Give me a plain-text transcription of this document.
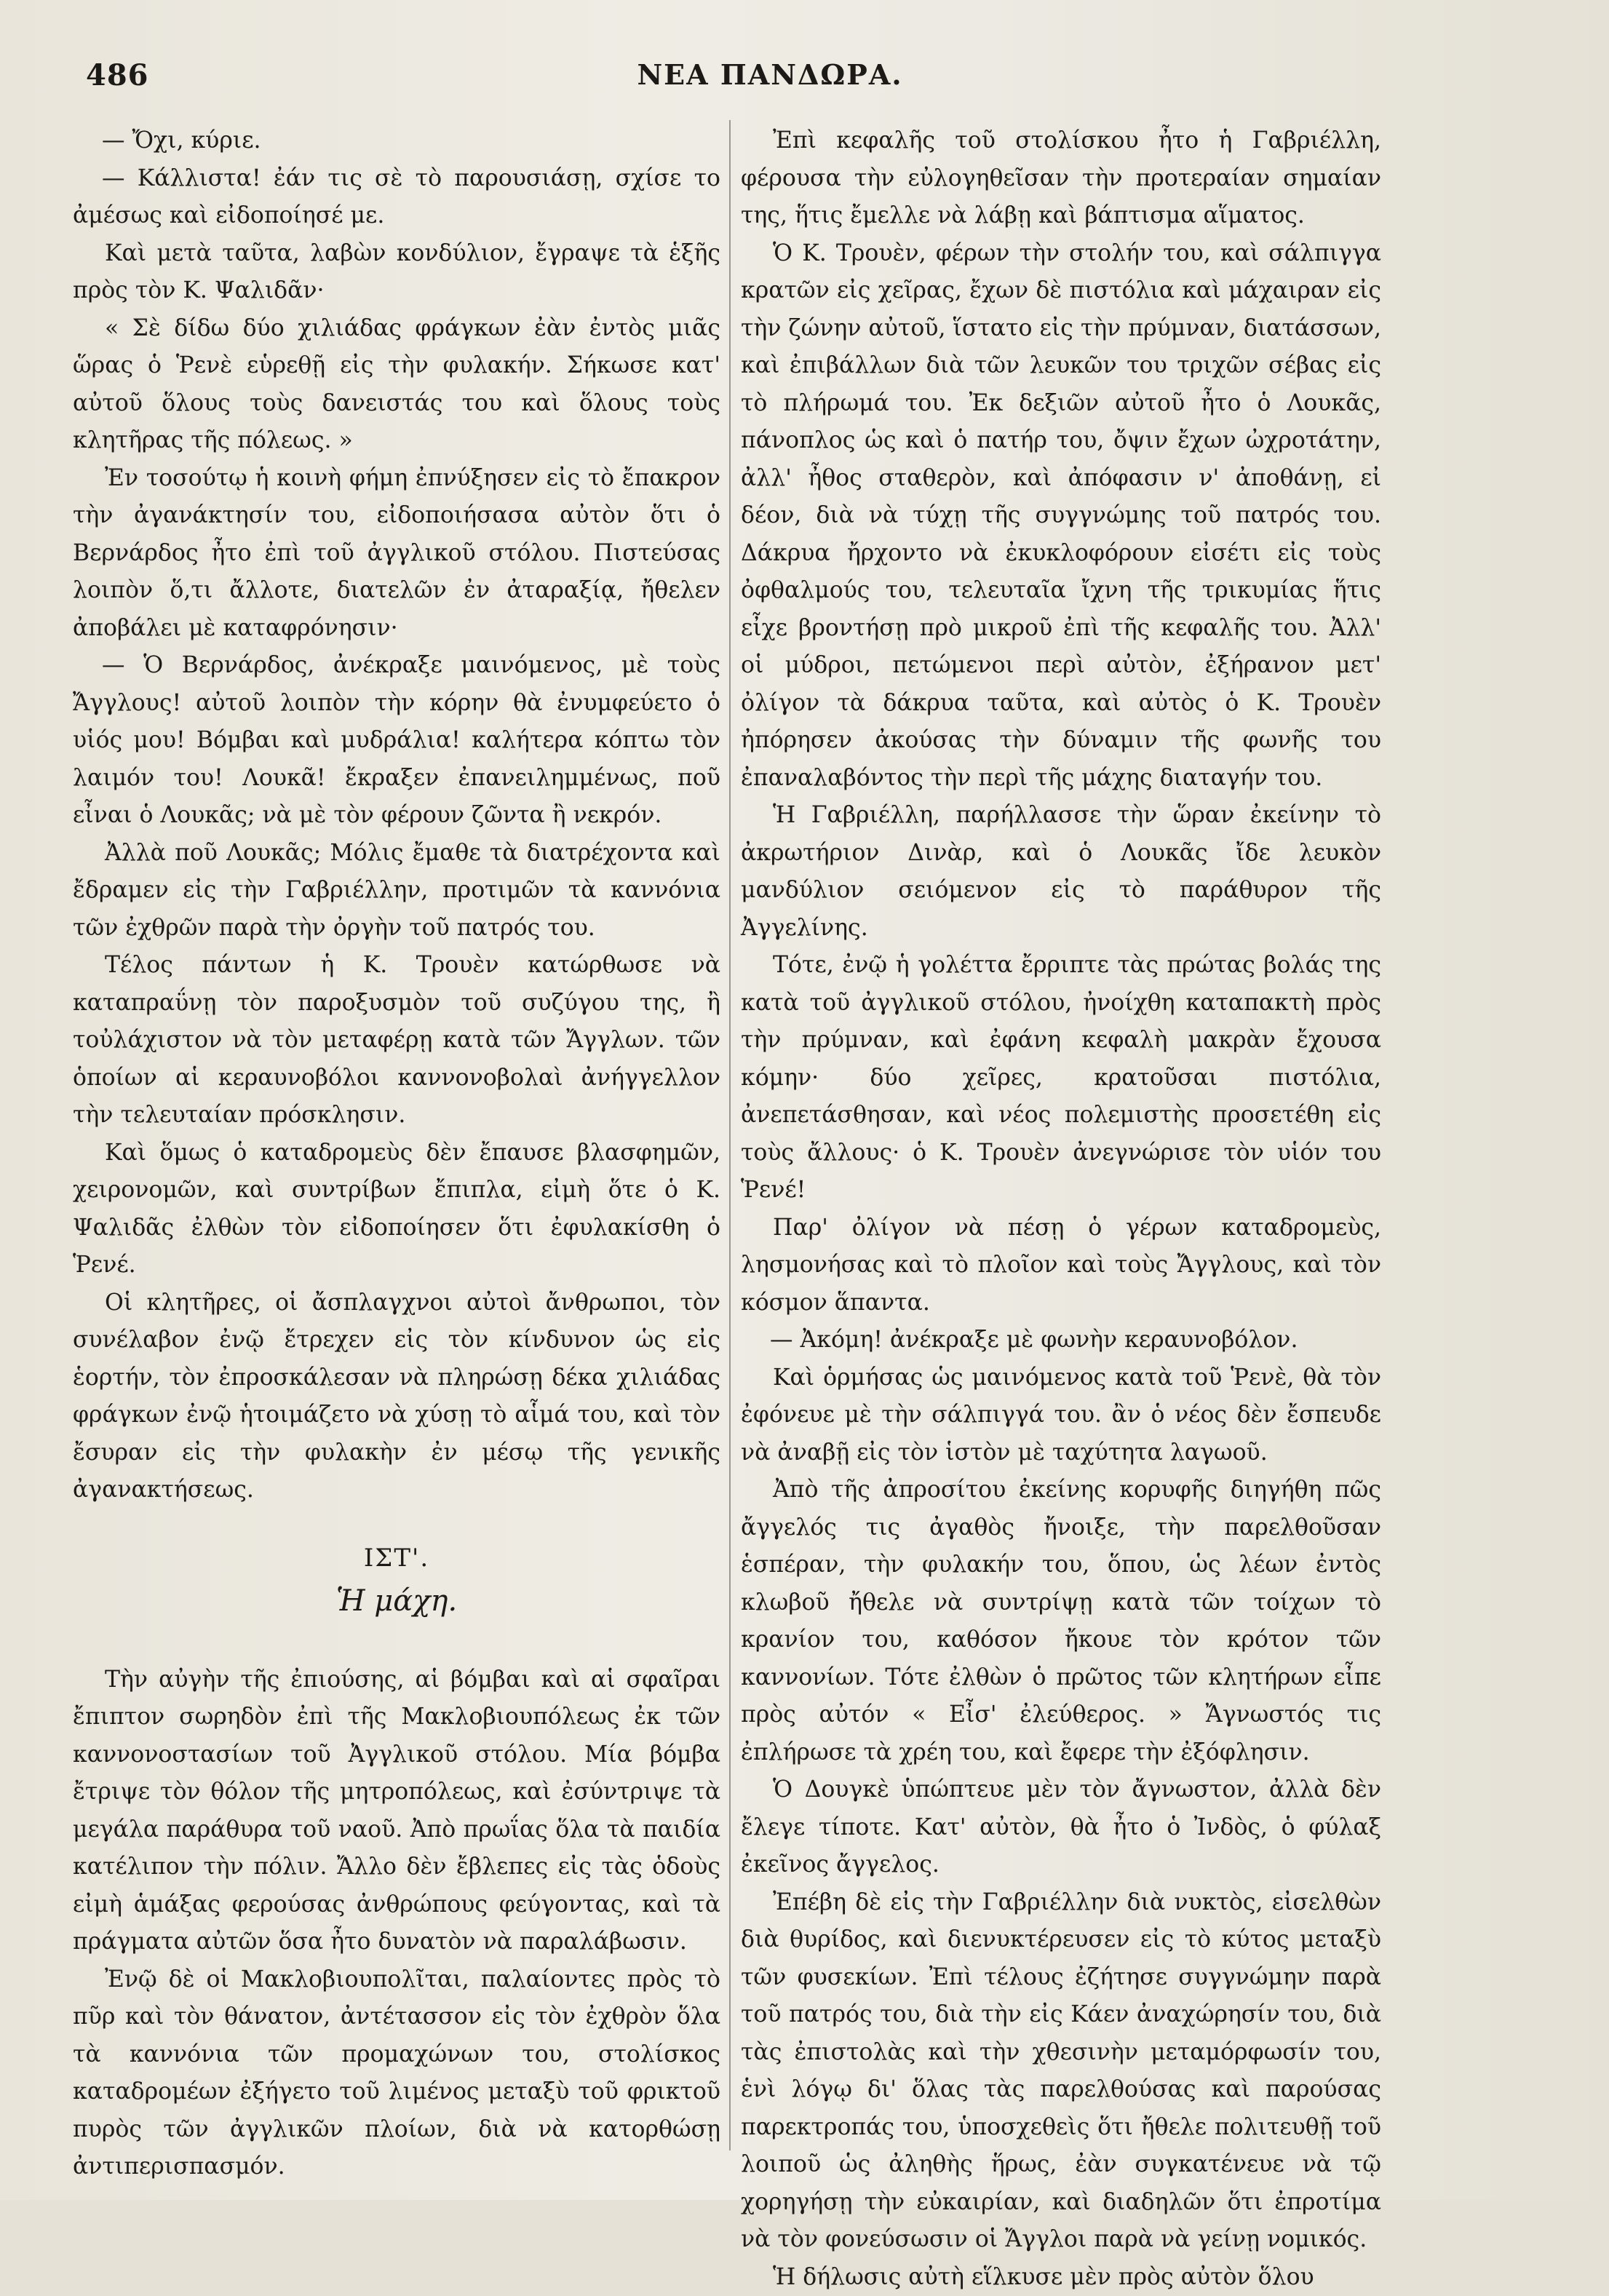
486	ΝΕΑ ΠΑΝΔΩΡΑ.

— Ὄχι, κύριε.

— Κάλλιστα! ἐάν τις σὲ τὸ παρουσιάσῃ, σχίσε το ἀμέσως καὶ εἰδοποίησέ με.

Καὶ μετὰ ταῦτα, λαβὼν κονδύλιον, ἔγραψε τὰ ἑξῆς πρὸς τὸν Κ. Ψαλιδᾶν·

« Σὲ δίδω δύο χιλιάδας φράγκων ἐὰν ἐντὸς μιᾶς ὥρας ὁ Ῥενὲ εὑρεθῇ εἰς τὴν φυλακήν. Σήκωσε κατ' αὐτοῦ ὅλους τοὺς δανειστάς του καὶ ὅλους τοὺς κλητῆρας τῆς πόλεως. »

Ἐν τοσούτῳ ἡ κοινὴ φήμη ἐπνύξησεν εἰς τὸ ἔπακρον τὴν ἀγανάκτησίν του, εἰδοποιήσασα αὐτὸν ὅτι ὁ Βερνάρδος ἦτο ἐπὶ τοῦ ἀγγλικοῦ στόλου. Πιστεύσας λοιπὸν ὅ,τι ἄλλοτε, διατελῶν ἐν ἀταραξίᾳ, ἤθελεν ἀποβάλει μὲ καταφρόνησιν·

— Ὁ Βερνάρδος, ἀνέκραξε μαινόμενος, μὲ τοὺς Ἄγγλους! αὐτοῦ λοιπὸν τὴν κόρην θὰ ἐνυμφεύετο ὁ υἱός μου! Βόμβαι καὶ μυδράλια! καλήτερα κόπτω τὸν λαιμόν του! Λουκᾶ! ἔκραξεν ἐπανειλημμένως, ποῦ εἶναι ὁ Λουκᾶς; νὰ μὲ τὸν φέρουν ζῶντα ἢ νεκρόν.

Ἀλλὰ ποῦ Λουκᾶς; Μόλις ἔμαθε τὰ διατρέχοντα καὶ ἔδραμεν εἰς τὴν Γαβριέλλην, προτιμῶν τὰ καννόνια τῶν ἐχθρῶν παρὰ τὴν ὀργὴν τοῦ πατρός του.

Τέλος πάντων ἡ Κ. Τρουὲν κατώρθωσε νὰ καταπραΰνῃ τὸν παροξυσμὸν τοῦ συζύγου της, ἢ τοὐλάχιστον νὰ τὸν μεταφέρῃ κατὰ τῶν Ἄγγλων. τῶν ὁποίων αἱ κεραυνοβόλοι καννονοβολαὶ ἀνήγγελλον τὴν τελευταίαν πρόσκλησιν.

Καὶ ὅμως ὁ καταδρομεὺς δὲν ἔπαυσε βλασφημῶν, χειρονομῶν, καὶ συντρίβων ἔπιπλα, εἰμὴ ὅτε ὁ Κ. Ψαλιδᾶς ἐλθὼν τὸν εἰδοποίησεν ὅτι ἐφυλακίσθη ὁ Ῥενέ.

Οἱ κλητῆρες, οἱ ἄσπλαγχνοι αὐτοὶ ἄνθρωποι, τὸν συνέλαβον ἐνῷ ἔτρεχεν εἰς τὸν κίνδυνον ὡς εἰς ἑορτήν, τὸν ἐπροσκάλεσαν νὰ πληρώσῃ δέκα χιλιάδας φράγκων ἐνῷ ἡτοιμάζετο νὰ χύσῃ τὸ αἷμά του, καὶ τὸν ἔσυραν εἰς τὴν φυλακὴν ἐν μέσῳ τῆς γενικῆς ἀγανακτήσεως.

ΙΣΤ'.
Ἡ μάχη.

Τὴν αὐγὴν τῆς ἐπιούσης, αἱ βόμβαι καὶ αἱ σφαῖραι ἔπιπτον σωρηδὸν ἐπὶ τῆς Μακλοβιουπόλεως ἐκ τῶν καννονοστασίων τοῦ Ἀγγλικοῦ στόλου. Μία βόμβα ἔτριψε τὸν θόλον τῆς μητροπόλεως, καὶ ἐσύντριψε τὰ μεγάλα παράθυρα τοῦ ναοῦ. Ἀπὸ πρωΐας ὅλα τὰ παιδία κατέλιπον τὴν πόλιν. Ἄλλο δὲν ἔβλεπες εἰς τὰς ὁδοὺς εἰμὴ ἁμάξας φερούσας ἀνθρώπους φεύγοντας, καὶ τὰ πράγματα αὐτῶν ὅσα ἦτο δυνατὸν νὰ παραλάβωσιν.

Ἐνῷ δὲ οἱ Μακλοβιουπολῖται, παλαίοντες πρὸς τὸ πῦρ καὶ τὸν θάνατον, ἀντέτασσον εἰς τὸν ἐχθρὸν ὅλα τὰ καννόνια τῶν προμαχώνων του, στολίσκος καταδρομέων ἐξήγετο τοῦ λιμένος μεταξὺ τοῦ φρικτοῦ πυρὸς τῶν ἀγγλικῶν πλοίων, διὰ νὰ κατορθώσῃ ἀντιπερισπασμόν.

Ἐπὶ κεφαλῆς τοῦ στολίσκου ἦτο ἡ Γαβριέλλη, φέρουσα τὴν εὐλογηθεῖσαν τὴν προτεραίαν σημαίαν της, ἥτις ἔμελλε νὰ λάβῃ καὶ βάπτισμα αἵματος.

Ὁ Κ. Τρουὲν, φέρων τὴν στολήν του, καὶ σάλπιγγα κρατῶν εἰς χεῖρας, ἔχων δὲ πιστόλια καὶ μάχαιραν εἰς τὴν ζώνην αὐτοῦ, ἵστατο εἰς τὴν πρύμναν, διατάσσων, καὶ ἐπιβάλλων διὰ τῶν λευκῶν του τριχῶν σέβας εἰς τὸ πλήρωμά του. Ἐκ δεξιῶν αὐτοῦ ἦτο ὁ Λουκᾶς, πάνοπλος ὡς καὶ ὁ πατήρ του, ὄψιν ἔχων ὠχροτάτην, ἀλλ' ἦθος σταθερὸν, καὶ ἀπόφασιν ν' ἀποθάνῃ, εἰ δέον, διὰ νὰ τύχῃ τῆς συγγνώμης τοῦ πατρός του. Δάκρυα ἤρχοντο νὰ ἐκυκλοφόρουν εἰσέτι εἰς τοὺς ὀφθαλμούς του, τελευταῖα ἴχνη τῆς τρικυμίας ἥτις εἶχε βροντήσῃ πρὸ μικροῦ ἐπὶ τῆς κεφαλῆς του. Ἀλλ' οἱ μύδροι, πετώμενοι περὶ αὐτὸν, ἐξήρανον μετ' ὀλίγον τὰ δάκρυα ταῦτα, καὶ αὐτὸς ὁ Κ. Τρουὲν ἠπόρησεν ἀκούσας τὴν δύναμιν τῆς φωνῆς του ἐπαναλαβόντος τὴν περὶ τῆς μάχης διαταγήν του.

Ἡ Γαβριέλλη, παρήλλασσε τὴν ὥραν ἐκείνην τὸ ἀκρωτήριον Δινὰρ, καὶ ὁ Λουκᾶς ἴδε λευκὸν μανδύλιον σειόμενον εἰς τὸ παράθυρον τῆς Ἀγγελίνης.

Τότε, ἐνῷ ἡ γολέττα ἔρριπτε τὰς πρώτας βολάς της κατὰ τοῦ ἀγγλικοῦ στόλου, ἠνοίχθη καταπακτὴ πρὸς τὴν πρύμναν, καὶ ἐφάνη κεφαλὴ μακρὰν ἔχουσα κόμην· δύο χεῖρες, κρατοῦσαι πιστόλια, ἀνεπετάσθησαν, καὶ νέος πολεμιστὴς προσετέθη εἰς τοὺς ἄλλους· ὁ Κ. Τρουὲν ἀνεγνώρισε τὸν υἱόν του Ῥενέ!

Παρ' ὀλίγον νὰ πέσῃ ὁ γέρων καταδρομεὺς, λησμονήσας καὶ τὸ πλοῖον καὶ τοὺς Ἄγγλους, καὶ τὸν κόσμον ἅπαντα.

— Ἀκόμη! ἀνέκραξε μὲ φωνὴν κεραυνοβόλον.

Καὶ ὁρμήσας ὡς μαινόμενος κατὰ τοῦ Ῥενὲ, θὰ τὸν ἐφόνευε μὲ τὴν σάλπιγγά του. ἂν ὁ νέος δὲν ἔσπευδε νὰ ἀναβῇ εἰς τὸν ἱστὸν μὲ ταχύτητα λαγωοῦ.

Ἀπὸ τῆς ἀπροσίτου ἐκείνης κορυφῆς διηγήθη πῶς ἄγγελός τις ἀγαθὸς ἤνοιξε, τὴν παρελθοῦσαν ἑσπέραν, τὴν φυλακήν του, ὅπου, ὡς λέων ἐντὸς κλωβοῦ ἤθελε νὰ συντρίψῃ κατὰ τῶν τοίχων τὸ κρανίον του, καθόσον ἤκουε τὸν κρότον τῶν καννονίων. Τότε ἐλθὼν ὁ πρῶτος τῶν κλητήρων εἶπε πρὸς αὐτόν « Εἶσ' ἐλεύθερος. » Ἄγνωστός τις ἐπλήρωσε τὰ χρέη του, καὶ ἔφερε τὴν ἐξόφλησιν.

Ὁ Δουγκὲ ὑπώπτευε μὲν τὸν ἄγνωστον, ἀλλὰ δὲν ἔλεγε τίποτε. Κατ' αὐτὸν, θὰ ἦτο ὁ Ἰνδὸς, ὁ φύλαξ ἐκεῖνος ἄγγελος.

Ἐπέβη δὲ εἰς τὴν Γαβριέλλην διὰ νυκτὸς, εἰσελθὼν διὰ θυρίδος, καὶ διενυκτέρευσεν εἰς τὸ κύτος μεταξὺ τῶν φυσεκίων. Ἐπὶ τέλους ἐζήτησε συγγνώμην παρὰ τοῦ πατρός του, διὰ τὴν εἰς Κάεν ἀναχώρησίν του, διὰ τὰς ἐπιστολὰς καὶ τὴν χθεσινὴν μεταμόρφωσίν του, ἑνὶ λόγῳ δι' ὅλας τὰς παρελθούσας καὶ παρούσας παρεκτροπάς του, ὑποσχεθεὶς ὅτι ἤθελε πολιτευθῇ τοῦ λοιποῦ ὡς ἀληθὴς ἥρως, ἐὰν συγκατένευε νὰ τῷ χορηγήσῃ τὴν εὐκαιρίαν, καὶ διαδηλῶν ὅτι ἐπροτίμα νὰ τὸν φονεύσωσιν οἱ Ἄγγλοι παρὰ νὰ γείνῃ νομικός.

Ἡ δήλωσις αὐτὴ εἵλκυσε μὲν πρὸς αὐτὸν ὅλου
